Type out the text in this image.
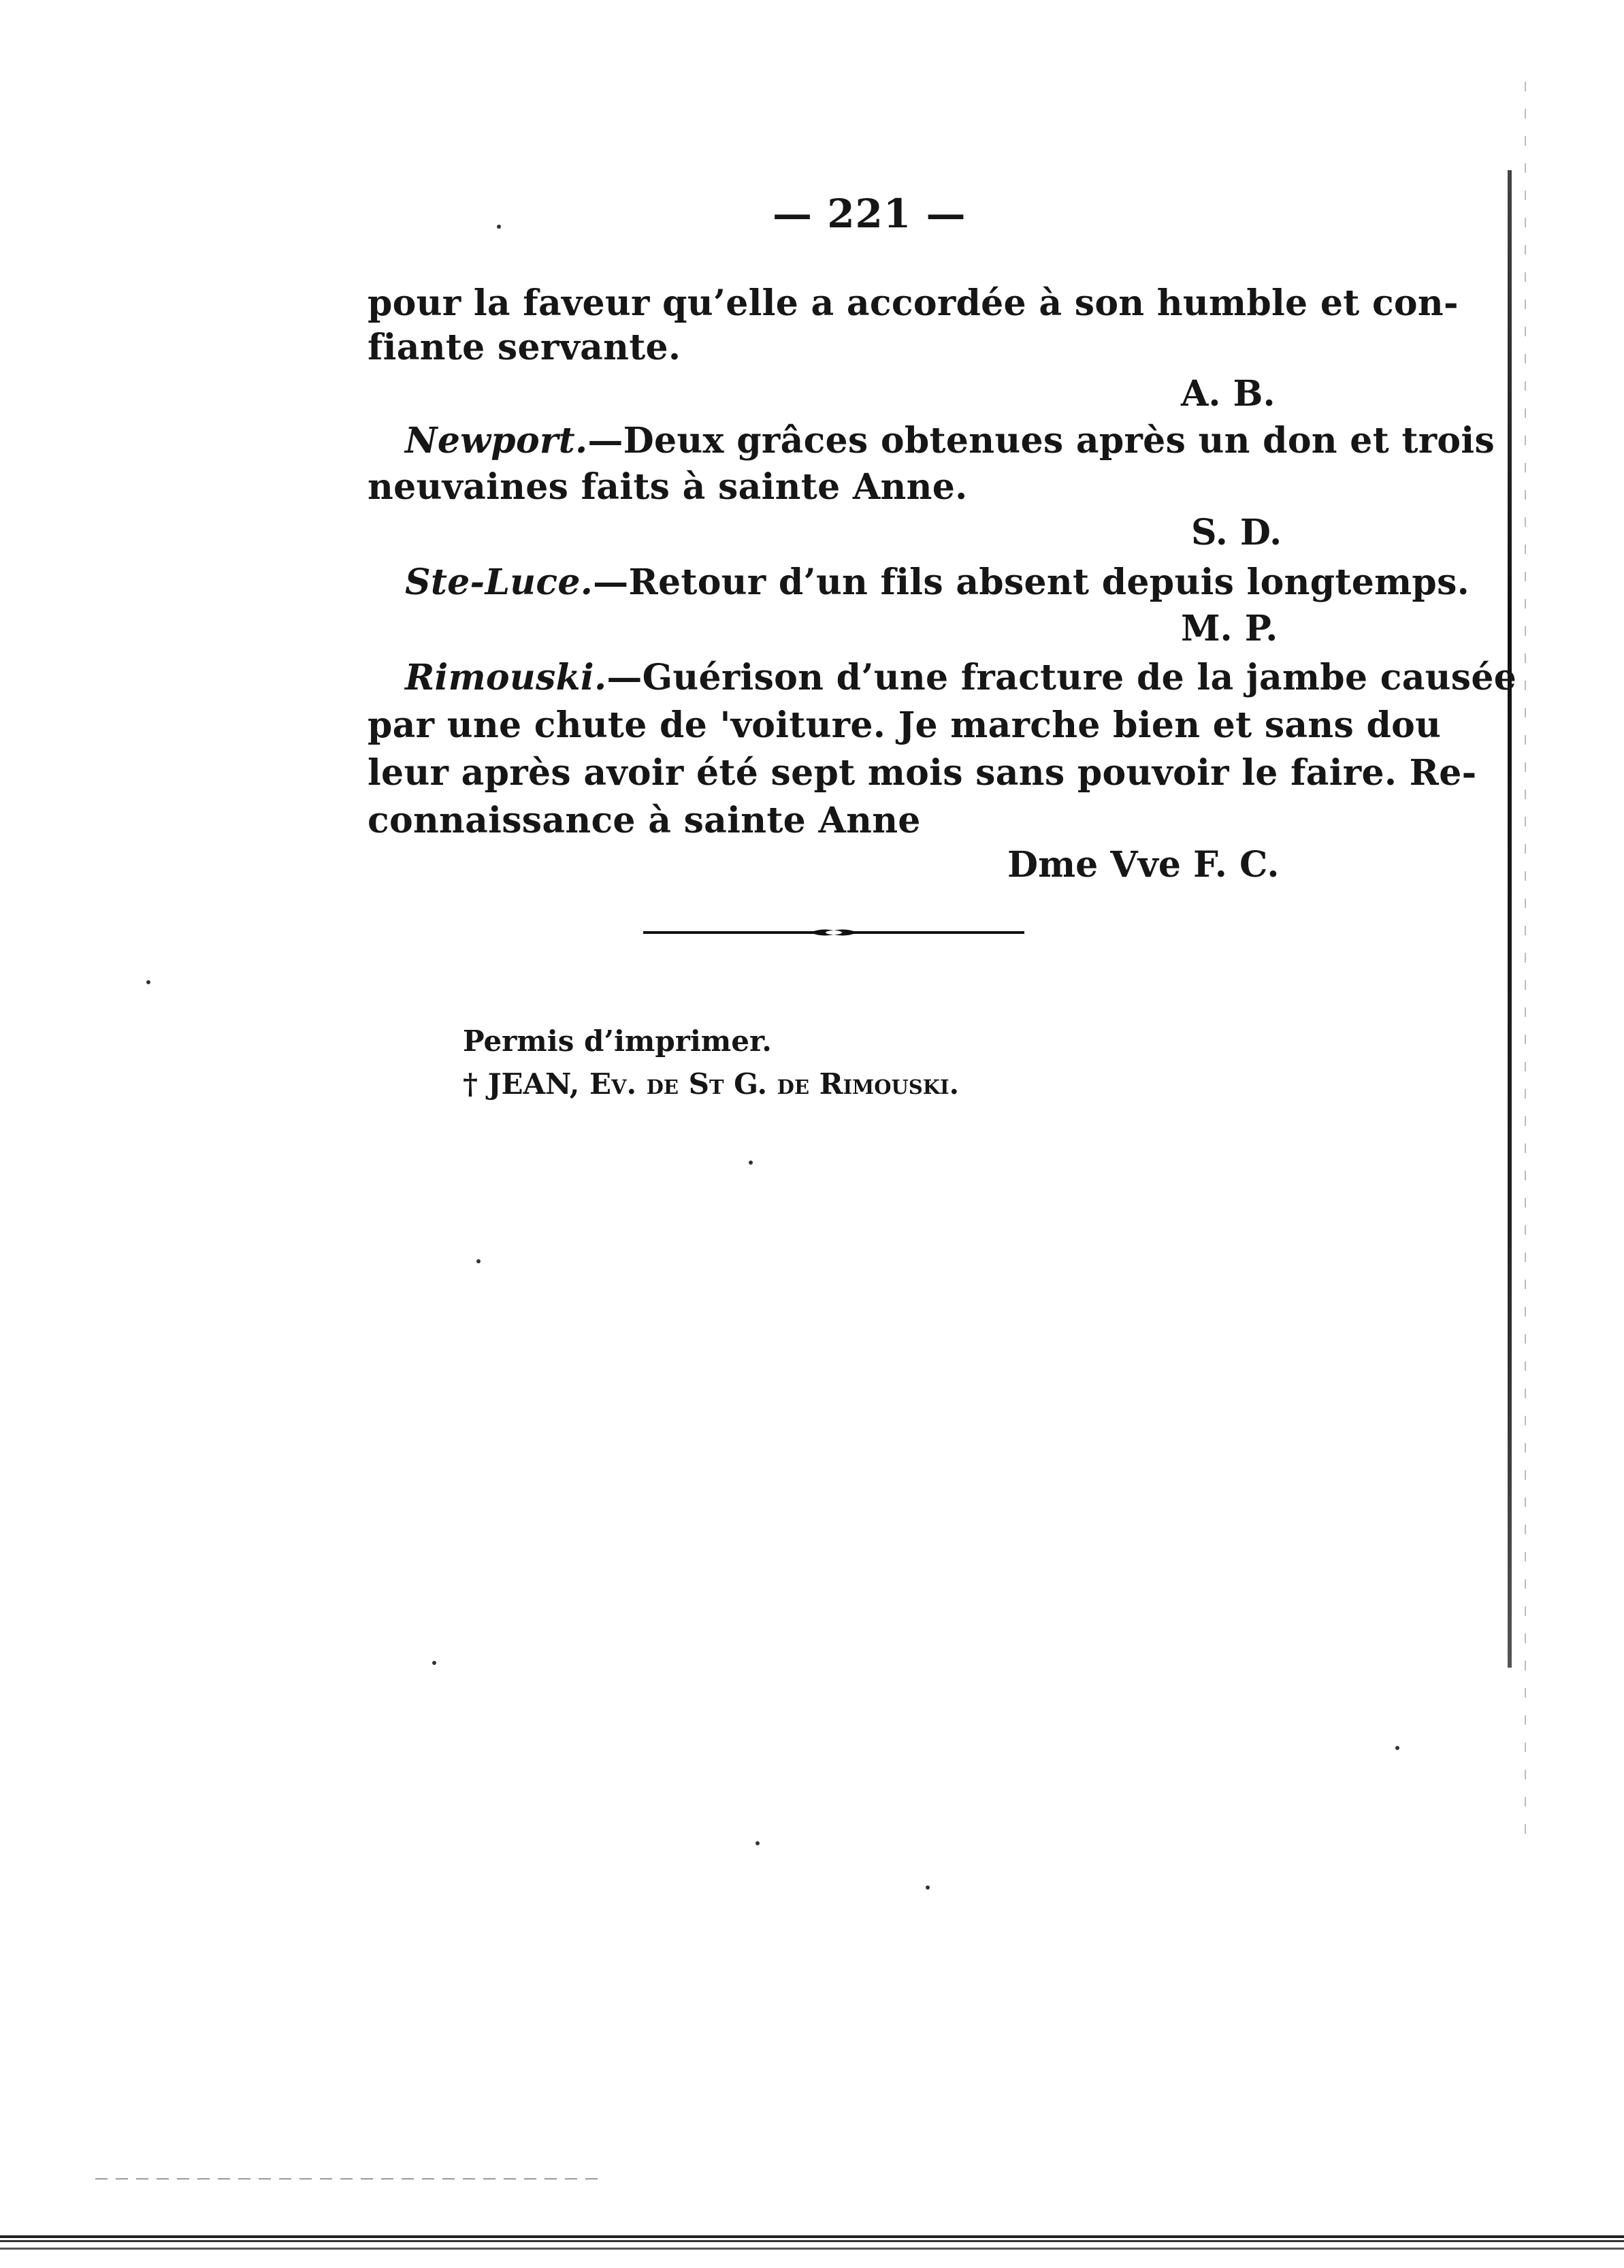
— 221 —
pour la faveur qu’elle a accordée à son humble et con-
fiante servante.
A. B.
Newport.—Deux grâces obtenues après un don et trois
neuvaines faits à sainte Anne.
S. D.
Ste-Luce.—Retour d’un fils absent depuis longtemps.
M. P.
Rimouski.—Guérison d’une fracture de la jambe causée
par une chute de 'voiture. Je marche bien et sans dou
leur après avoir été sept mois sans pouvoir le faire. Re-
connaissance à sainte Anne
Dme Vve F. C.
Permis d’imprimer.
† JEAN, Ev. de St G. de Rimouski.
